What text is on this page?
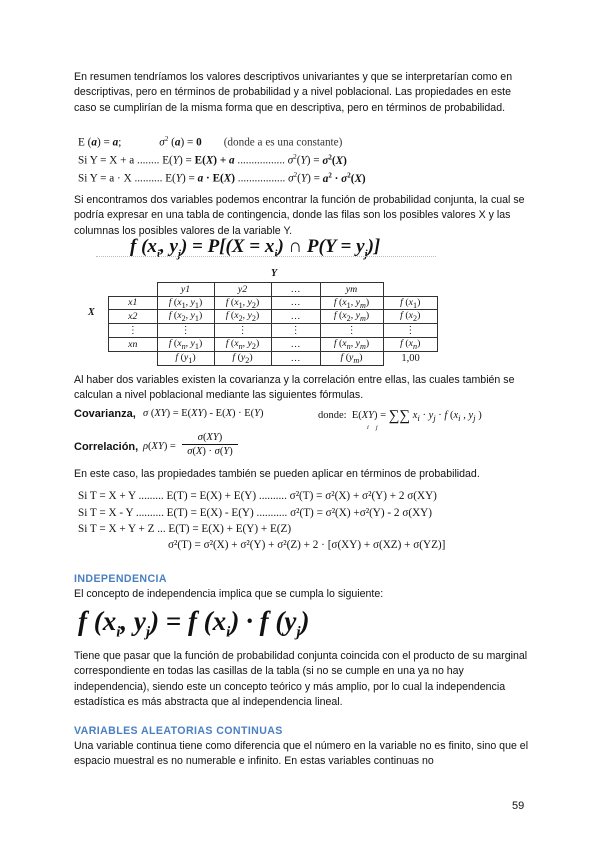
En resumen tendríamos los valores descriptivos univariantes y que se interpretarían como en descriptivas, pero en términos de probabilidad y a nivel poblacional. Las propiedades en este caso se cumplirían de la misma forma que en descriptiva, pero en términos de probabilidad.

E (a) = a;	$\sigma^2$ (a) = 0 (donde a es una constante)
Si Y = X + a ........ E(Y) = E(X) + a ................. $\sigma^2(Y) = \sigma^2(X)$
Si Y = a · X .......... E(Y) = a · E(X) ................. $\sigma^2(Y) = a^2 \cdot \sigma^2(X)$

Si encontramos dos variables podemos encontrar la función de probabilidad conjunta, la cual se podría expresar en una tabla de contingencia, donde las filas son los posibles valores X y las columnas los posibles valores de la variable Y.

f ($x_i$, $y_j) = P[(X = x_i)$ ∩ $P(Y = y_j)$]
Y
X
	y1	y2	…	ym	
x1	f ($x_1$, $y_1$)	f ($x_1$, $y_2$)	…	f ($x_1$, $y_m$)	f $(x_1)$
x2	f ($x_2$, $y_1$)	f ($x_2$, $y_2$)	…	f ($x_2$, $y_m$)	f $(x_2)$
⋮	⋮	⋮	⋮	⋮	⋮
xn	f ($x_n$, $y_1$)	f ($x_n$, $y_2$)	…	f ($x_n$, $y_m$)	f $(x_n)$
	f $(y_1)$	f $(y_2)$	…	f $(y_m)$	1,00

Al haber dos variables existen la covarianza y la correlación entre ellas, las cuales también se calculan a nivel poblacional mediante las siguientes fórmulas.

Covarianza, σ (XY) = E(XY) - E(X) · E(Y)	donde:  E(XY) = ∑∑ $x_i \cdot y_j \cdot f$ ($x_i$ , $y_j$ )
ij
Correlación, ρ(XY) =
σ(XY)
σ(X) · σ(Y)

En este caso, las propiedades también se pueden aplicar en términos de probabilidad.

Si T = X + Y ......... E(T) = E(X) + E(Y) .......... σ²(T) = σ²(X) + σ²(Y) + 2 σ(XY)
Si T = X - Y .......... E(T) = E(X) - E(Y) ........... σ²(T) = σ²(X) +σ²(Y) - 2 σ(XY)
Si T = X + Y + Z ... E(T) = E(X) + E(Y) + E(Z)
σ²(T) = σ²(X) + σ²(Y) + σ²(Z) + 2 · [σ(XY) + σ(XZ) + σ(YZ)]
INDEPENDENCIA

El concepto de independencia implica que se cumpla lo siguiente:

f ($x_i$, $y_j) = f$ $(x_i) \cdot f$ $(y_j)$

Tiene que pasar que la función de probabilidad conjunta coincida con el producto de su marginal correspondiente en todas las casillas de la tabla (si no se cumple en una ya no hay independencia), siendo este un concepto teórico y más amplio, por lo cual la independencia estadística es más abstracta que al independencia lineal.

VARIABLES ALEATORIAS CONTINUAS

Una variable continua tiene como diferencia que el número en la variable no es finito, sino que el espacio muestral es no numerable e infinito. En estas variables continuas no

59
